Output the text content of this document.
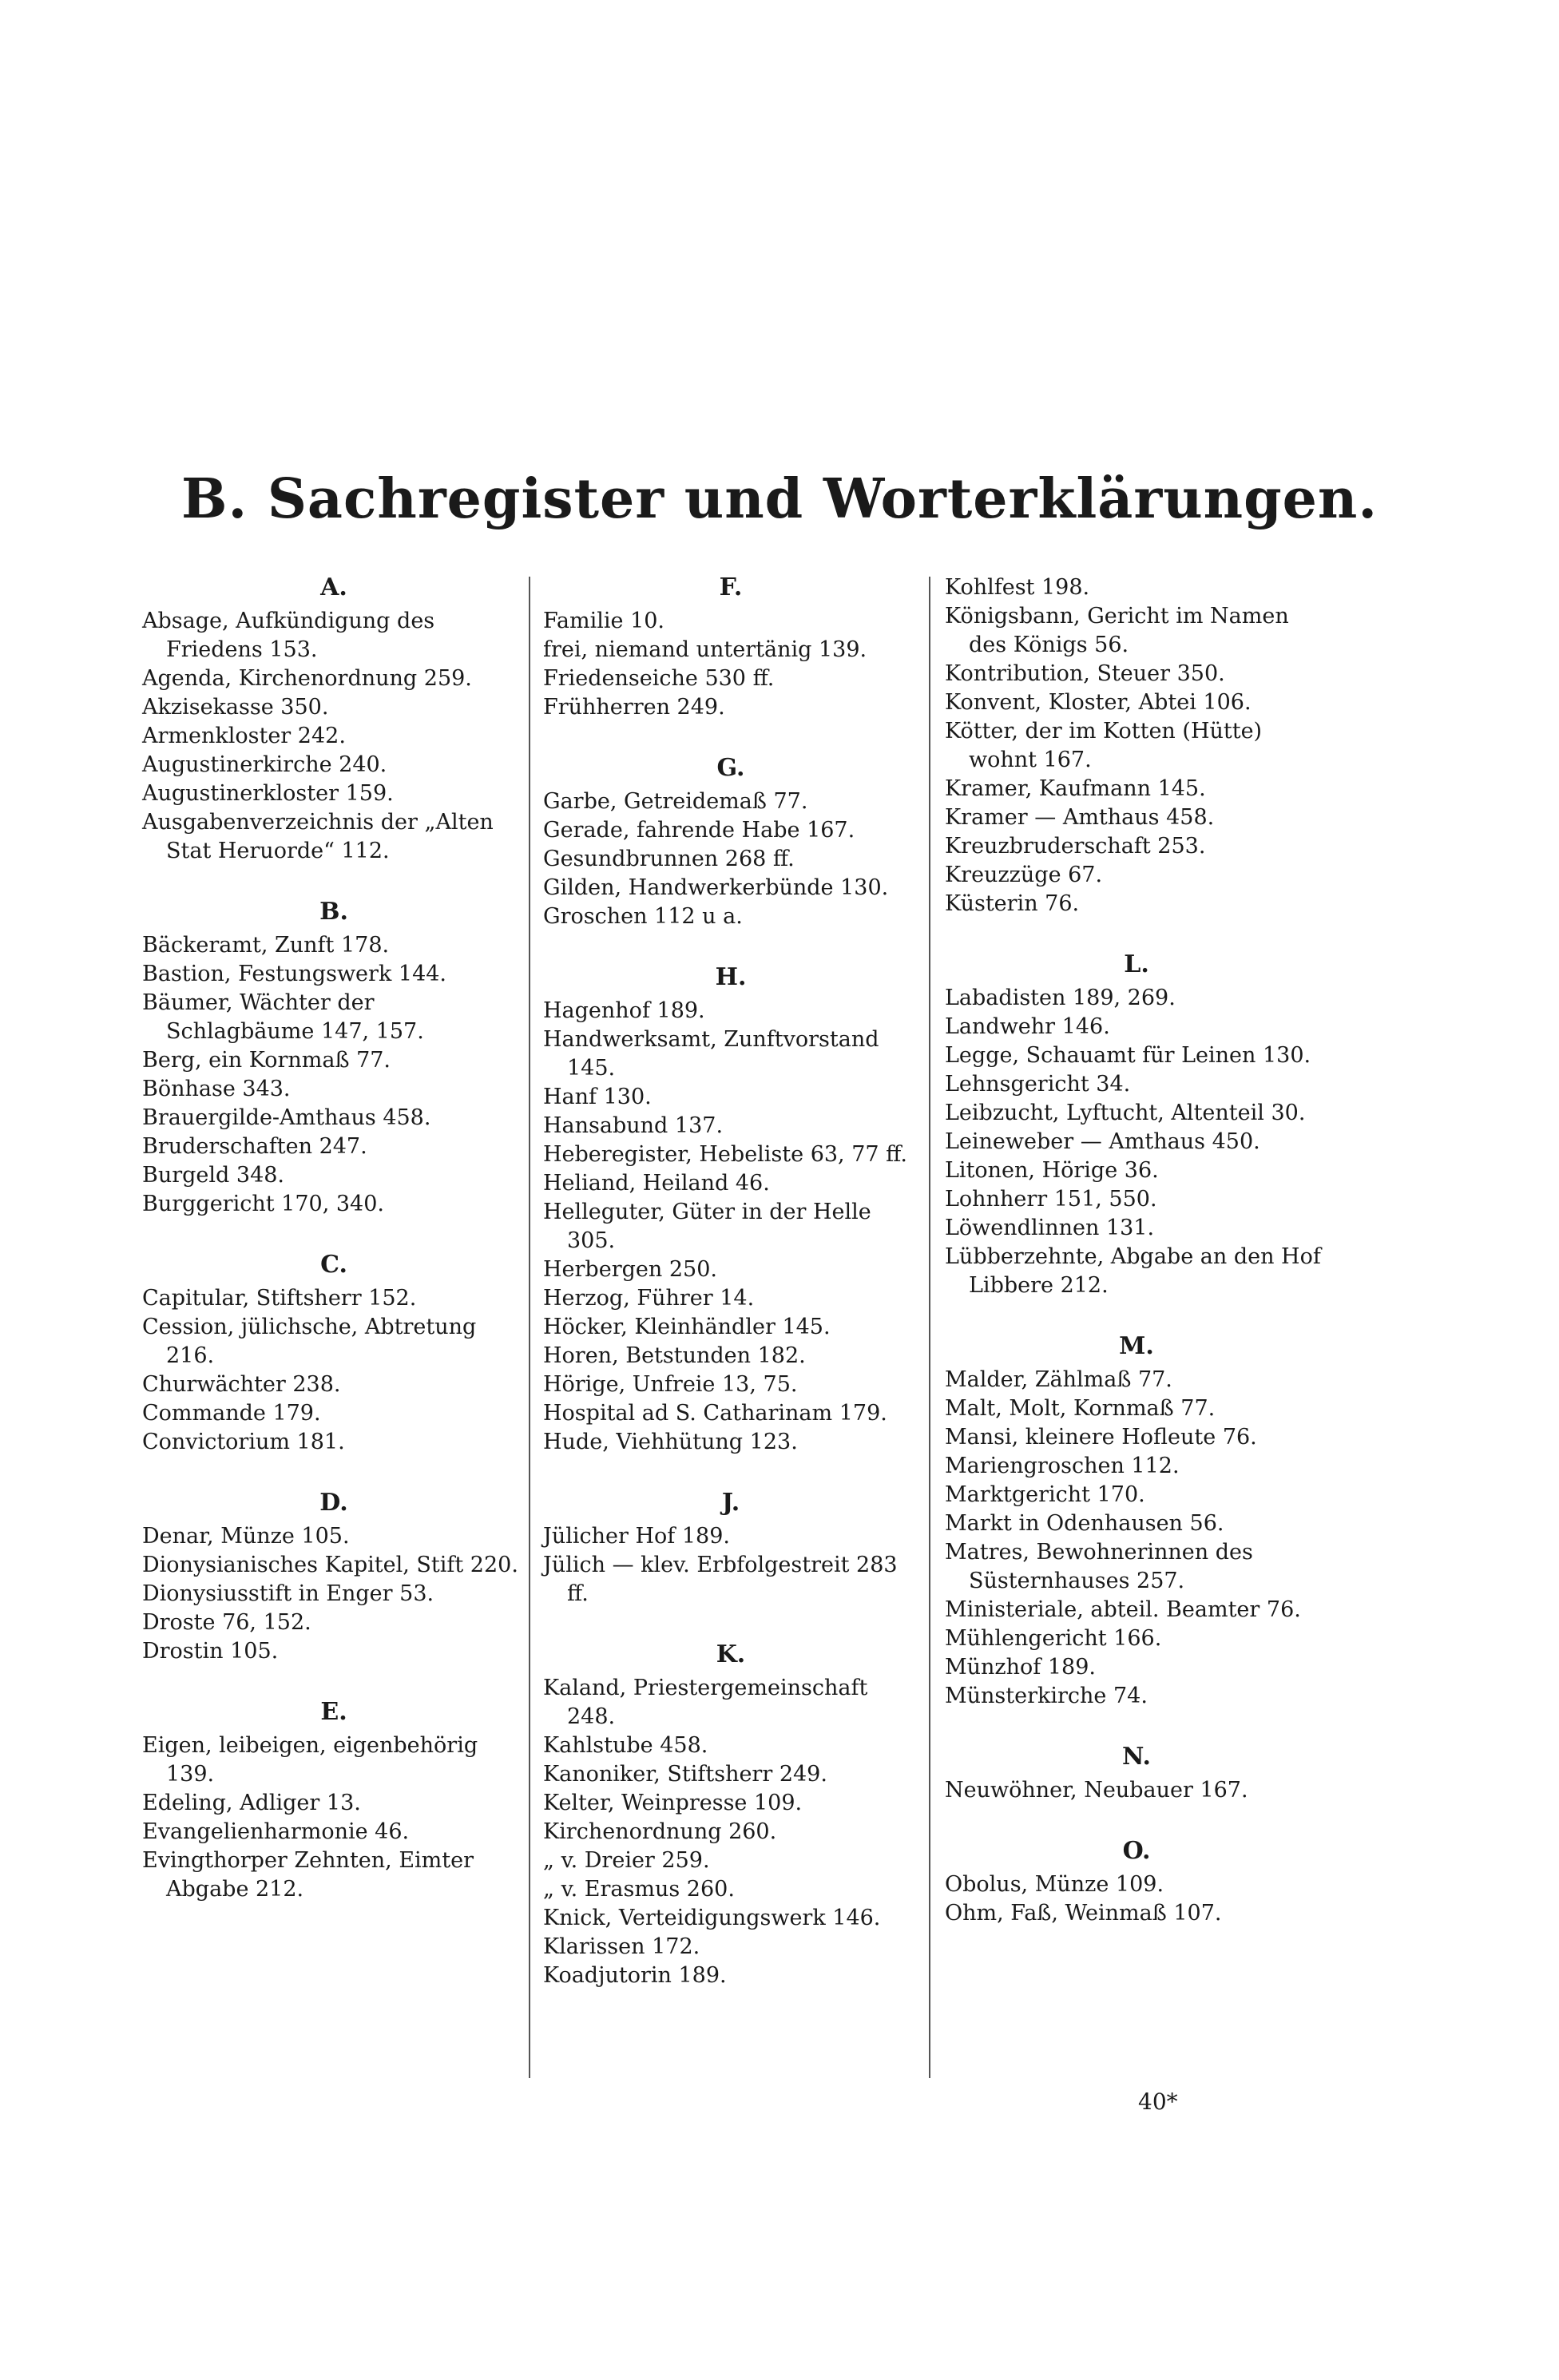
B. Sachregister und Worterklärungen.
A.
Absage, Aufkündigung des Friedens 153.
Agenda, Kirchenordnung 259.
Akzisekasse 350.
Armenkloster 242.
Augustinerkirche 240.
Augustinerkloster 159.
Ausgabenverzeichnis der „Alten Stat Heruorde“ 112.
B.
Bäckeramt, Zunft 178.
Bastion, Festungswerk 144.
Bäumer, Wächter der Schlagbäume 147, 157.
Berg, ein Kornmaß 77.
Bönhase 343.
Brauergilde-Amthaus 458.
Bruderschaften 247.
Burgeld 348.
Burggericht 170, 340.
C.
Capitular, Stiftsherr 152.
Cession, jülichsche, Abtretung 216.
Churwächter 238.
Commande 179.
Convictorium 181.
D.
Denar, Münze 105.
Dionysianisches Kapitel, Stift 220.
Dionysiusstift in Enger 53.
Droste 76, 152.
Drostin 105.
E.
Eigen, leibeigen, eigenbehörig 139.
Edeling, Adliger 13.
Evangelienharmonie 46.
Evingthorper Zehnten, Eimter Abgabe 212.
F.
Familie 10.
frei, niemand untertänig 139.
Friedenseiche 530 ff.
Frühherren 249.
G.
Garbe, Getreidemaß 77.
Gerade, fahrende Habe 167.
Gesundbrunnen 268 ff.
Gilden, Handwerkerbünde 130.
Groschen 112 u a.
H.
Hagenhof 189.
Handwerksamt, Zunftvorstand 145.
Hanf 130.
Hansabund 137.
Heberegister, Hebeliste 63, 77 ff.
Heliand, Heiland 46.
Helleguter, Güter in der Helle 305.
Herbergen 250.
Herzog, Führer 14.
Höcker, Kleinhändler 145.
Horen, Betstunden 182.
Hörige, Unfreie 13, 75.
Hospital ad S. Catharinam 179.
Hude, Viehhütung 123.
J.
Jülicher Hof 189.
Jülich — klev. Erbfolgestreit 283 ff.
K.
Kaland, Priestergemeinschaft 248.
Kahlstube 458.
Kanoniker, Stiftsherr 249.
Kelter, Weinpresse 109.
Kirchenordnung 260.
„ v. Dreier 259.
„ v. Erasmus 260.
Knick, Verteidigungswerk 146.
Klarissen 172.
Koadjutorin 189.
Kohlfest 198.
Königsbann, Gericht im Namen des Königs 56.
Kontribution, Steuer 350.
Konvent, Kloster, Abtei 106.
Kötter, der im Kotten (Hütte) wohnt 167.
Kramer, Kaufmann 145.
Kramer — Amthaus 458.
Kreuzbruderschaft 253.
Kreuzzüge 67.
Küsterin 76.
L.
Labadisten 189, 269.
Landwehr 146.
Legge, Schauamt für Leinen 130.
Lehnsgericht 34.
Leibzucht, Lyftucht, Altenteil 30.
Leineweber — Amthaus 450.
Litonen, Hörige 36.
Lohnherr 151, 550.
Löwendlinnen 131.
Lübberzehnte, Abgabe an den Hof Libbere 212.
M.
Malder, Zählmaß 77.
Malt, Molt, Kornmaß 77.
Mansi, kleinere Hofleute 76.
Mariengroschen 112.
Marktgericht 170.
Markt in Odenhausen 56.
Matres, Bewohnerinnen des Süsternhauses 257.
Ministeriale, abteil. Beamter 76.
Mühlengericht 166.
Münzhof 189.
Münsterkirche 74.
N.
Neuwöhner, Neubauer 167.
O.
Obolus, Münze 109.
Ohm, Faß, Weinmaß 107.
40*
